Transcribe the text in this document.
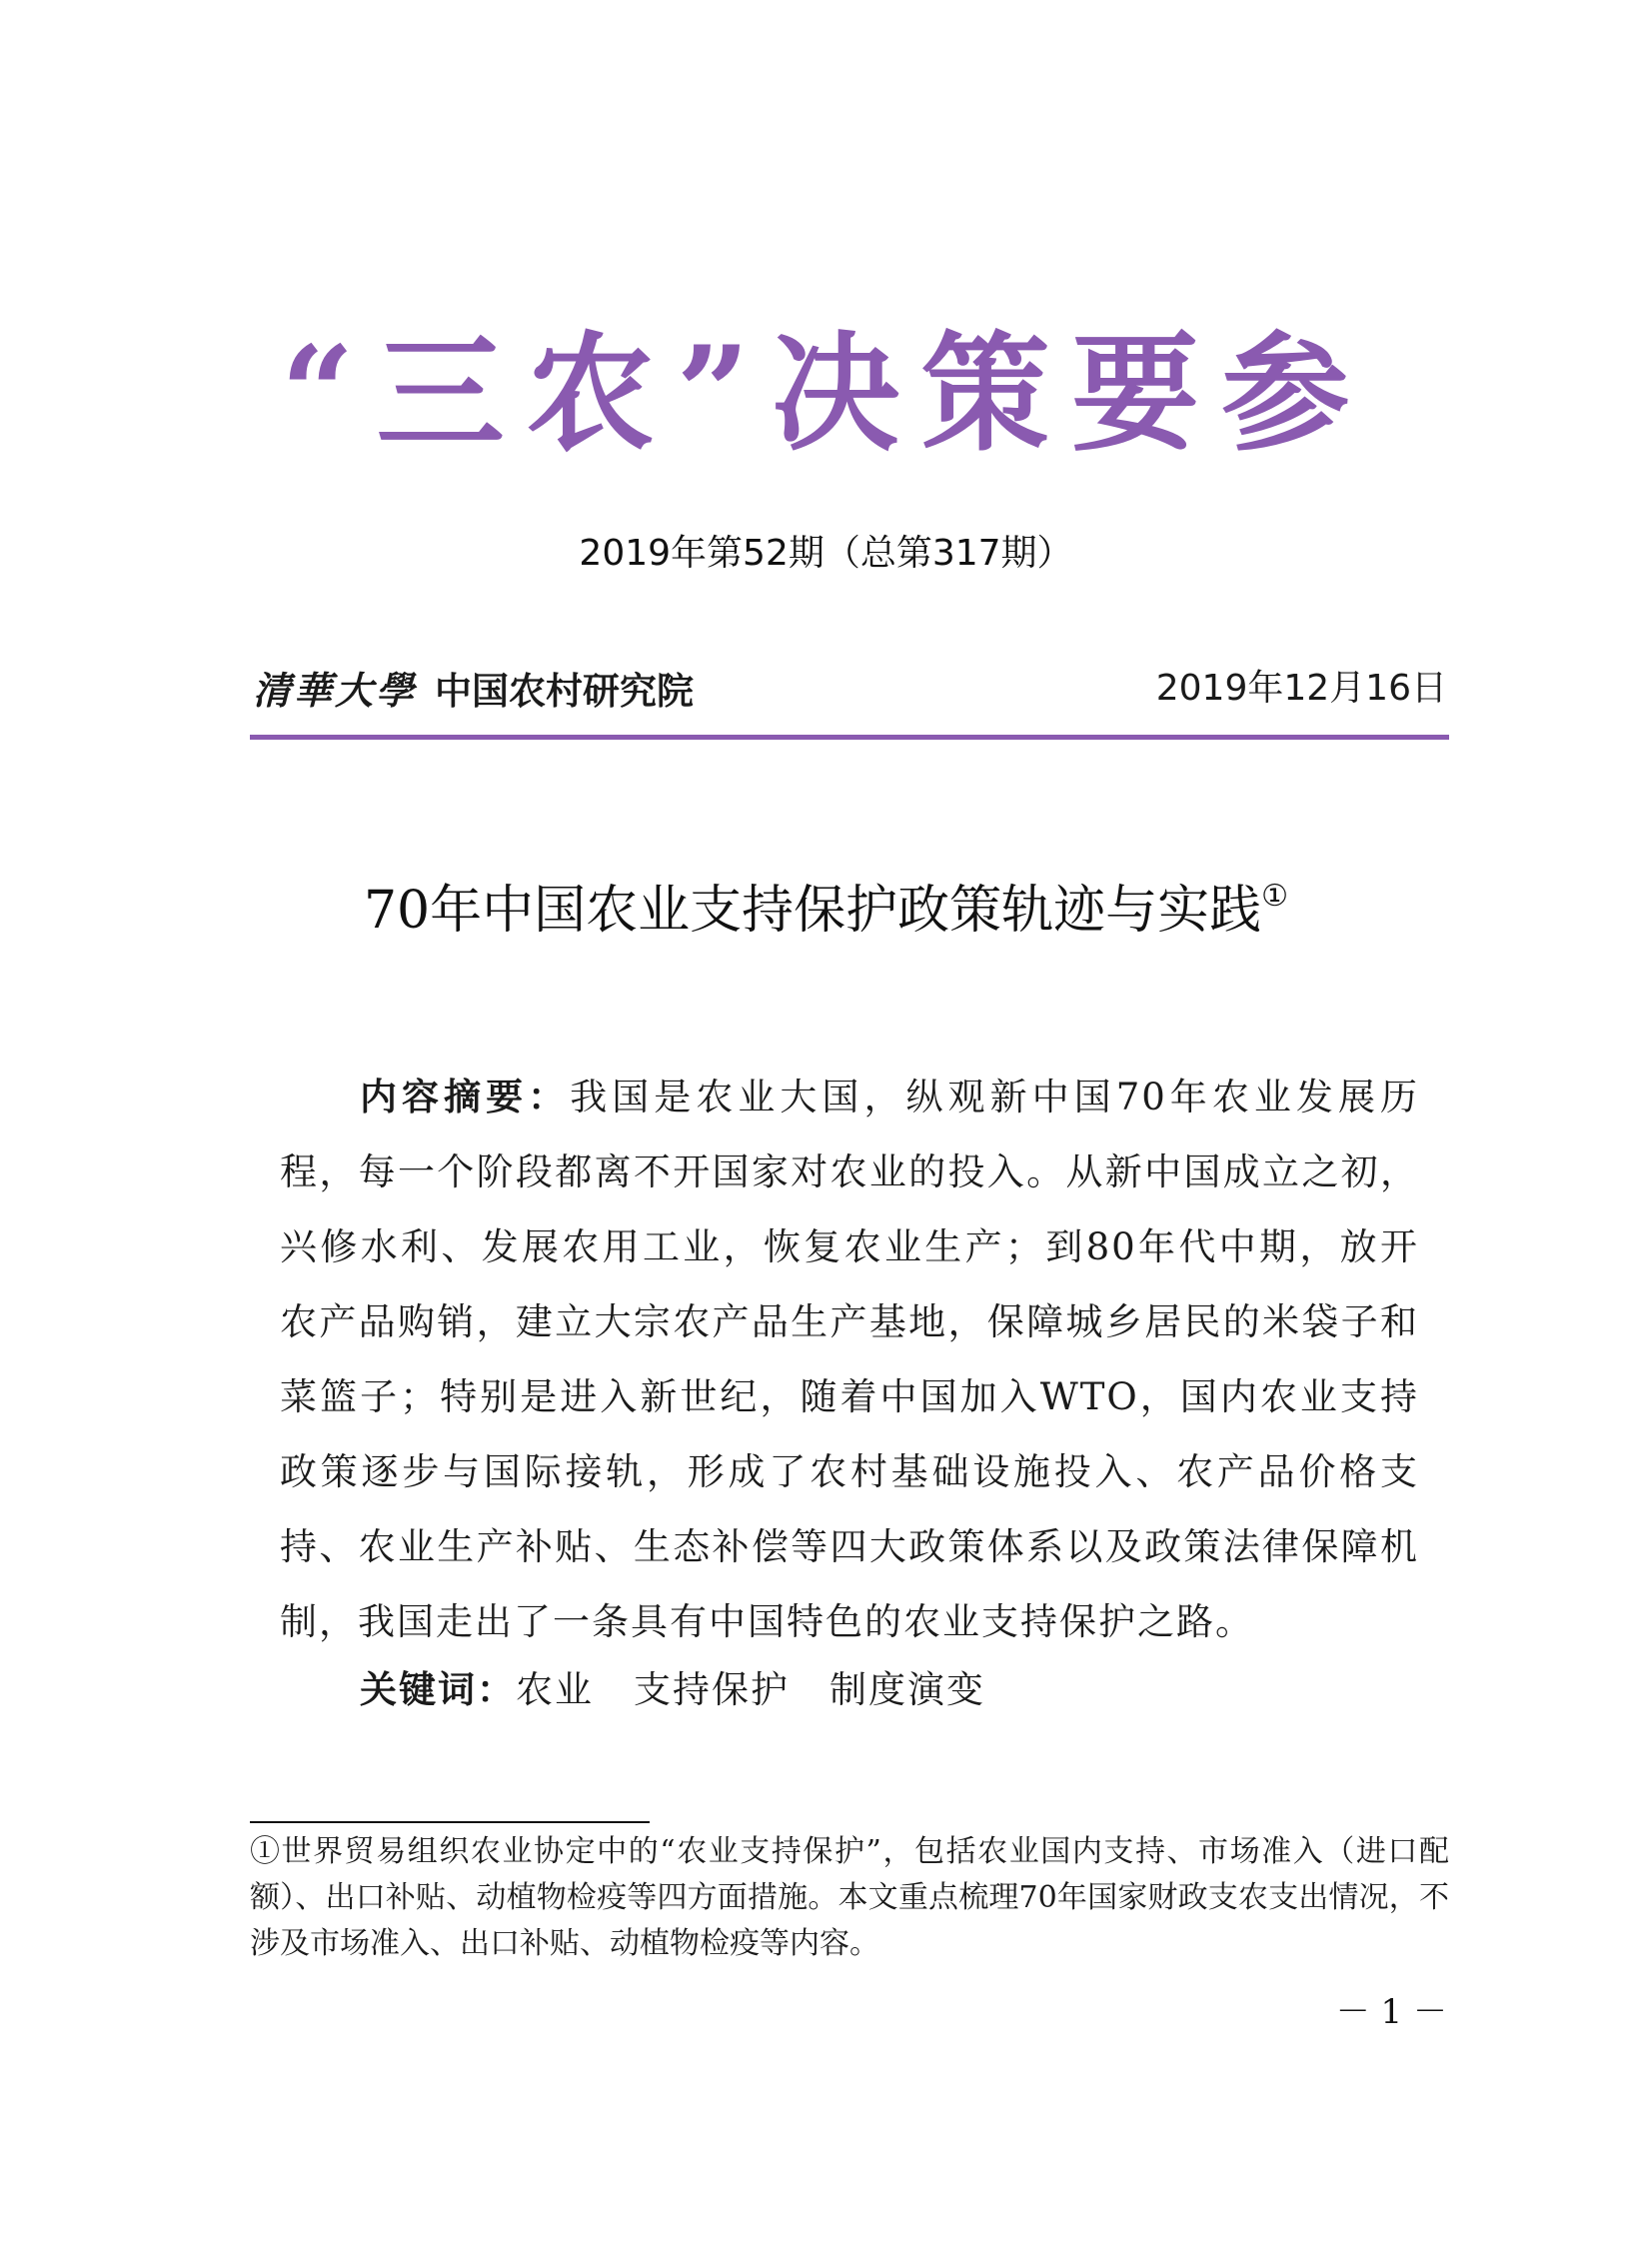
“三农”决策要参
2019年第52期（总第317期）
清華大學 中国农村研究院	2019年12月16日
70年中国农业支持保护政策轨迹与实践①
内容摘要：我国是农业大国，纵观新中国70年农业发展历程，每一个阶段都离不开国家对农业的投入。从新中国成立之初，兴修水利、发展农用工业，恢复农业生产；到80年代中期，放开农产品购销，建立大宗农产品生产基地，保障城乡居民的米袋子和菜篮子；特别是进入新世纪，随着中国加入WTO，国内农业支持政策逐步与国际接轨，形成了农村基础设施投入、农产品价格支持、农业生产补贴、生态补偿等四大政策体系以及政策法律保障机制，我国走出了一条具有中国特色的农业支持保护之路。
关键词：农业 支持保护 制度演变
①世界贸易组织农业协定中的“农业支持保护”，包括农业国内支持、市场准入（进口配额）、出口补贴、动植物检疫等四方面措施。本文重点梳理70年国家财政支农支出情况，不涉及市场准入、出口补贴、动植物检疫等内容。
－ 1 －
